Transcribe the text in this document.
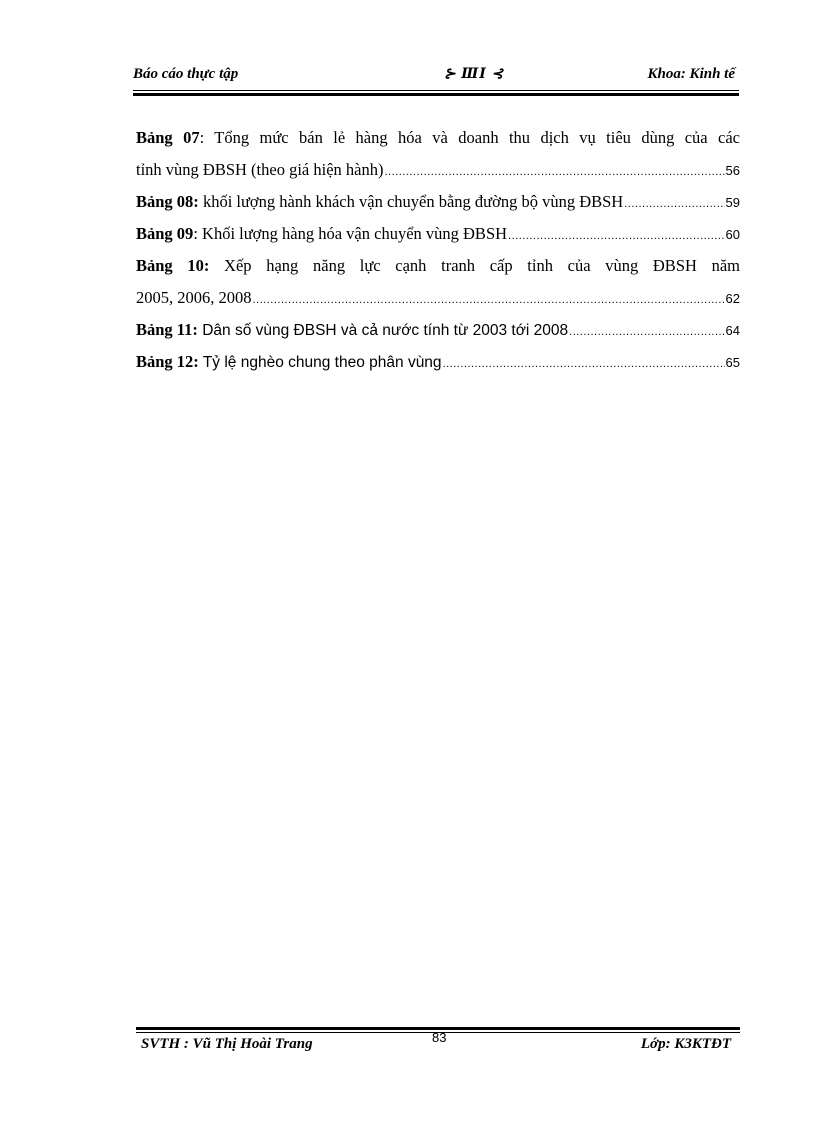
Báo cáo thực tập	⊱ ⅢⅠ ⊰	Khoa: Kinh tế
Bảng 07: Tổng mức bán lẻ hàng hóa và doanh thu dịch vụ tiêu dùng của các
tỉnh vùng ĐBSH (theo giá hiện hành) .....	56
Bảng 08: khối lượng hành khách vận chuyển bằng đường bộ vùng ĐBSH .....	59
Bảng 09: Khối lượng hàng hóa vận chuyển vùng ĐBSH .....	60
Bảng 10: Xếp hạng năng lực cạnh tranh cấp tỉnh của vùng ĐBSH năm
2005, 2006, 2008 .....	62
Bảng 11: Dân số vùng ĐBSH và cả nước tính từ 2003 tới 2008 .....	64
Bảng 12: Tỷ lệ nghèo chung theo phân vùng .....	65
SVTH : Vũ Thị Hoài Trang	83	Lớp: K3KTĐT
